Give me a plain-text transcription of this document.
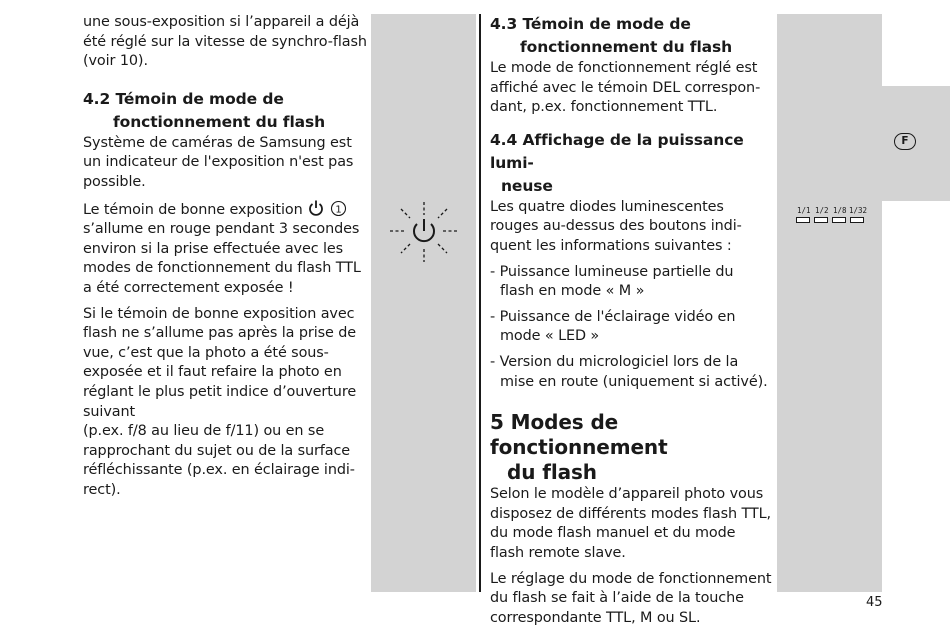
F
1/1 1/2 1/8 1/32

une sous-exposition si l’appareil a déjà
été réglé sur la vitesse de synchro-flash
(voir 10).

4.2 Témoin de mode de
fonctionnement du flash

Système de caméras de Samsung est
un indicateur de l'exposition n'est pas
possible.

Le témoin de bonne exposition	1

s’allume en rouge pendant 3 secondes
environ si la prise effectuée avec les
modes de fonctionnement du flash TTL
a été correctement exposée !

Si le témoin de bonne exposition avec
flash ne s’allume pas après la prise de
vue, c’est que la photo a été sous-
exposée et il faut refaire la photo en
réglant le plus petit indice d’ouverture
suivant

(p.ex. f/8 au lieu de f/11) ou en se
rapprochant du sujet ou de la surface
réfléchissante (p.ex. en éclairage indi-
rect).

4.3 Témoin de mode de
fonctionnement du flash

Le mode de fonctionnement réglé est
affiché avec le témoin DEL correspon-
dant, p.ex. fonctionnement TTL.

4.4 Affichage de la puissance lumi-
neuse

Les quatre diodes luminescentes
rouges au-dessus des boutons indi-
quent les informations suivantes :

- Puissance lumineuse partielle du
flash en mode « M »

- Puissance de l'éclairage vidéo en
mode « LED »

- Version du micrologiciel lors de la
mise en route (uniquement si activé).

5 Modes de fonctionnement
du flash

Selon le modèle d’appareil photo vous
disposez de différents modes flash TTL,
du mode flash manuel et du mode
flash remote slave.

Le réglage du mode de fonctionnement
du flash se fait à l’aide de la touche
correspondante TTL, M ou SL.

45
